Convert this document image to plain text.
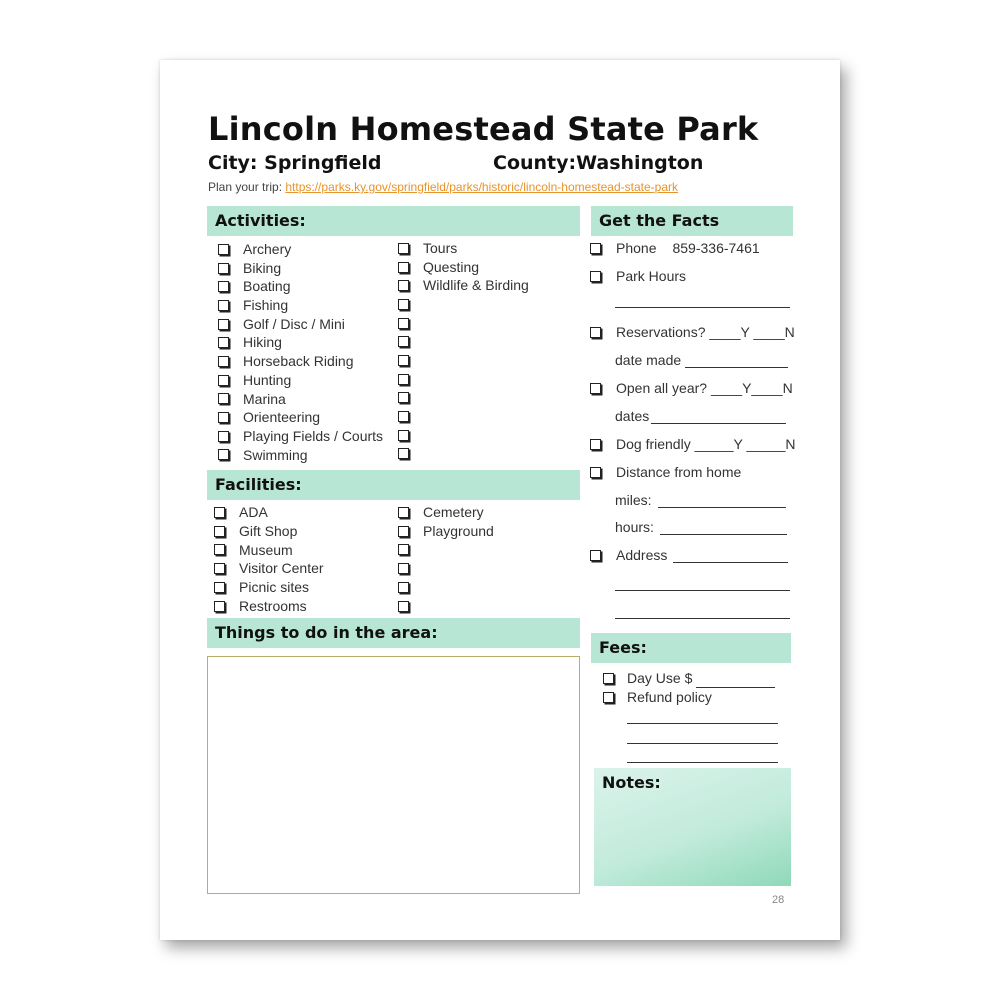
Lincoln Homestead State Park
City: Springfield	County:Washington
Plan your trip: https://parks.ky.gov/springfield/parks/historic/lincoln-homestead-state-park
Activities:
Archery
Biking
Boating
Fishing
Golf / Disc / Mini
Hiking
Horseback Riding
Hunting
Marina
Orienteering
Playing Fields / Courts
Swimming
Tours
Questing
Wildlife & Birding
Facilities:
ADA
Gift Shop
Museum
Visitor Center
Picnic sites
Restrooms
Cemetery
Playground
Things to do in the area:
Get the Facts
Phone 859-336-7461
Park Hours
Reservations? ____Y ____N
date made
Open all year? ____Y____N
dates
Dog friendly _____Y _____N
Distance from home
miles:
hours:
Address
Fees:
Day Use $
Refund policy
Notes:
28
